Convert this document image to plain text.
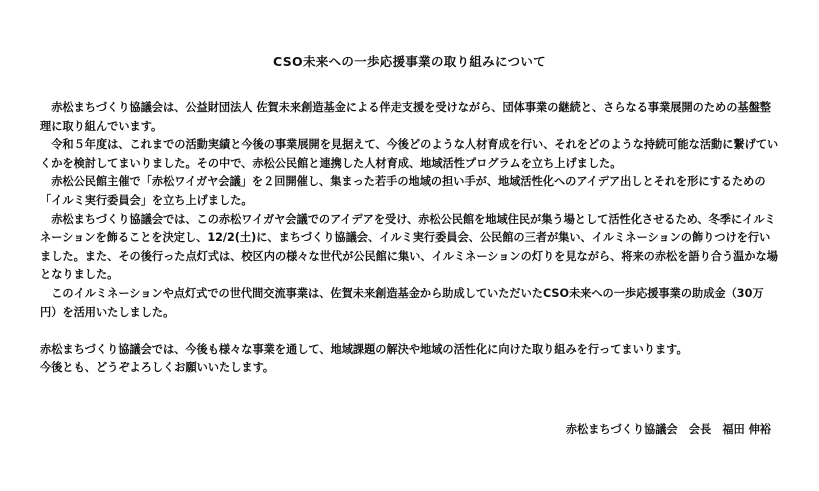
CSO未来への一歩応援事業の取り組みについて

赤松まちづくり協議会は、公益財団法人 佐賀未来創造基金による伴走支援を受けながら、団体事業の継続と、さらなる事業展開のための基盤整理に取り組んでいます。

令和５年度は、これまでの活動実績と今後の事業展開を見据えて、今後どのような人材育成を行い、それをどのような持続可能な活動に繋げていくかを検討してまいりました。その中で、赤松公民館と連携した人材育成、地域活性プログラムを立ち上げました。

赤松公民館主催で「赤松ワイガヤ会議」を２回開催し、集まった若手の地域の担い手が、地域活性化へのアイデア出しとそれを形にするための「イルミ実行委員会」を立ち上げました。

赤松まちづくり協議会では、この赤松ワイガヤ会議でのアイデアを受け、赤松公民館を地域住民が集う場として活性化させるため、冬季にイルミネーションを飾ることを決定し、12/2(土)に、まちづくり協議会、イルミ実行委員会、公民館の三者が集い、イルミネーションの飾りつけを行いました。また、その後行った点灯式は、校区内の様々な世代が公民館に集い、イルミネーションの灯りを見ながら、将来の赤松を語り合う温かな場となりました。

このイルミネーションや点灯式での世代間交流事業は、佐賀未来創造基金から助成していただいたCSO未来への一歩応援事業の助成金（30万円）を活用いたしました。

赤松まちづくり協議会では、今後も様々な事業を通して、地域課題の解決や地域の活性化に向けた取り組みを行ってまいります。

今後とも、どうぞよろしくお願いいたします。

赤松まちづくり協議会　会長　福田 伸裕
